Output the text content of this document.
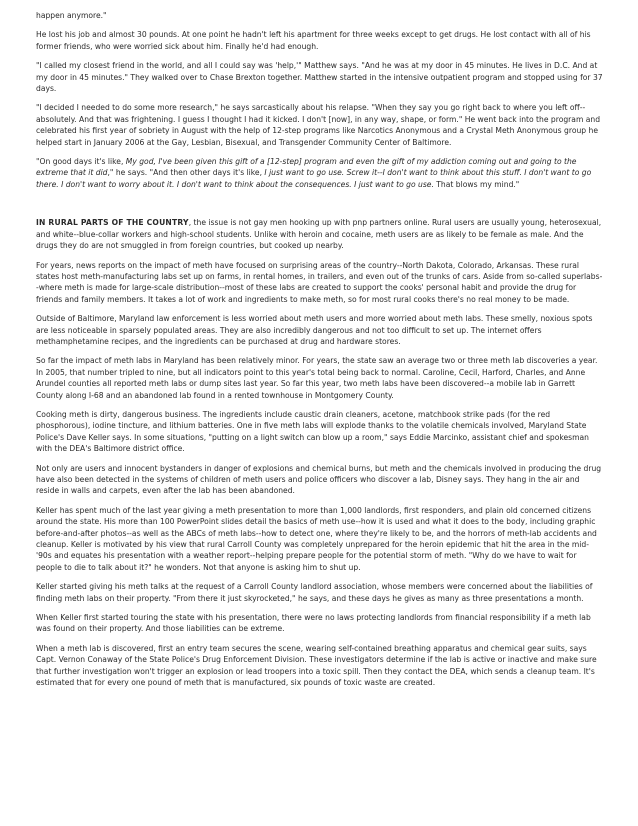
happen anymore."

He lost his job and almost 30 pounds. At one point he hadn't left his apartment for three weeks except to get drugs. He lost contact with all of his former friends, who were worried sick about him. Finally he'd had enough.

"I called my closest friend in the world, and all I could say was 'help,'" Matthew says. "And he was at my door in 45 minutes. He lives in D.C. And at my door in 45 minutes." They walked over to Chase Brexton together. Matthew started in the intensive outpatient program and stopped using for 37 days.

"I decided I needed to do some more research," he says sarcastically about his relapse. "When they say you go right back to where you left off--absolutely. And that was frightening. I guess I thought I had it kicked. I don't [now], in any way, shape, or form." He went back into the program and celebrated his first year of sobriety in August with the help of 12-step programs like Narcotics Anonymous and a Crystal Meth Anonymous group he helped start in January 2006 at the Gay, Lesbian, Bisexual, and Transgender Community Center of Baltimore.

"On good days it's like, My god, I've been given this gift of a [12-step] program and even the gift of my addiction coming out and going to the extreme that it did," he says. "And then other days it's like, I just want to go use. Screw it--I don't want to think about this stuff. I don't want to go there. I don't want to worry about it. I don't want to think about the consequences. I just want to go use. That blows my mind."

IN RURAL PARTS OF THE COUNTRY, the issue is not gay men hooking up with pnp partners online. Rural users are usually young, heterosexual, and white--blue-collar workers and high-school students. Unlike with heroin and cocaine, meth users are as likely to be female as male. And the drugs they do are not smuggled in from foreign countries, but cooked up nearby.

For years, news reports on the impact of meth have focused on surprising areas of the country--North Dakota, Colorado, Arkansas. These rural states host meth-manufacturing labs set up on farms, in rental homes, in trailers, and even out of the trunks of cars. Aside from so-called superlabs--where meth is made for large-scale distribution--most of these labs are created to support the cooks' personal habit and provide the drug for friends and family members. It takes a lot of work and ingredients to make meth, so for most rural cooks there's no real money to be made.

Outside of Baltimore, Maryland law enforcement is less worried about meth users and more worried about meth labs. These smelly, noxious spots are less noticeable in sparsely populated areas. They are also incredibly dangerous and not too difficult to set up. The internet offers methamphetamine recipes, and the ingredients can be purchased at drug and hardware stores.

So far the impact of meth labs in Maryland has been relatively minor. For years, the state saw an average two or three meth lab discoveries a year. In 2005, that number tripled to nine, but all indicators point to this year's total being back to normal. Caroline, Cecil, Harford, Charles, and Anne Arundel counties all reported meth labs or dump sites last year. So far this year, two meth labs have been discovered--a mobile lab in Garrett County along I-68 and an abandoned lab found in a rented townhouse in Montgomery County.

Cooking meth is dirty, dangerous business. The ingredients include caustic drain cleaners, acetone, matchbook strike pads (for the red phosphorous), iodine tincture, and lithium batteries. One in five meth labs will explode thanks to the volatile chemicals involved, Maryland State Police's Dave Keller says. In some situations, "putting on a light switch can blow up a room," says Eddie Marcinko, assistant chief and spokesman with the DEA's Baltimore district office.

Not only are users and innocent bystanders in danger of explosions and chemical burns, but meth and the chemicals involved in producing the drug have also been detected in the systems of children of meth users and police officers who discover a lab, Disney says. They hang in the air and reside in walls and carpets, even after the lab has been abandoned.

Keller has spent much of the last year giving a meth presentation to more than 1,000 landlords, first responders, and plain old concerned citizens around the state. His more than 100 PowerPoint slides detail the basics of meth use--how it is used and what it does to the body, including graphic before-and-after photos--as well as the ABCs of meth labs--how to detect one, where they're likely to be, and the horrors of meth-lab accidents and cleanup. Keller is motivated by his view that rural Carroll County was completely unprepared for the heroin epidemic that hit the area in the mid-'90s and equates his presentation with a weather report--helping prepare people for the potential storm of meth. "Why do we have to wait for people to die to talk about it?" he wonders. Not that anyone is asking him to shut up.

Keller started giving his meth talks at the request of a Carroll County landlord association, whose members were concerned about the liabilities of finding meth labs on their property. "From there it just skyrocketed," he says, and these days he gives as many as three presentations a month.

When Keller first started touring the state with his presentation, there were no laws protecting landlords from financial responsibility if a meth lab was found on their property. And those liabilities can be extreme.

When a meth lab is discovered, first an entry team secures the scene, wearing self-contained breathing apparatus and chemical gear suits, says Capt. Vernon Conaway of the State Police's Drug Enforcement Division. These investigators determine if the lab is active or inactive and make sure that further investigation won't trigger an explosion or lead troopers into a toxic spill. Then they contact the DEA, which sends a cleanup team. It's estimated that for every one pound of meth that is manufactured, six pounds of toxic waste are created.
